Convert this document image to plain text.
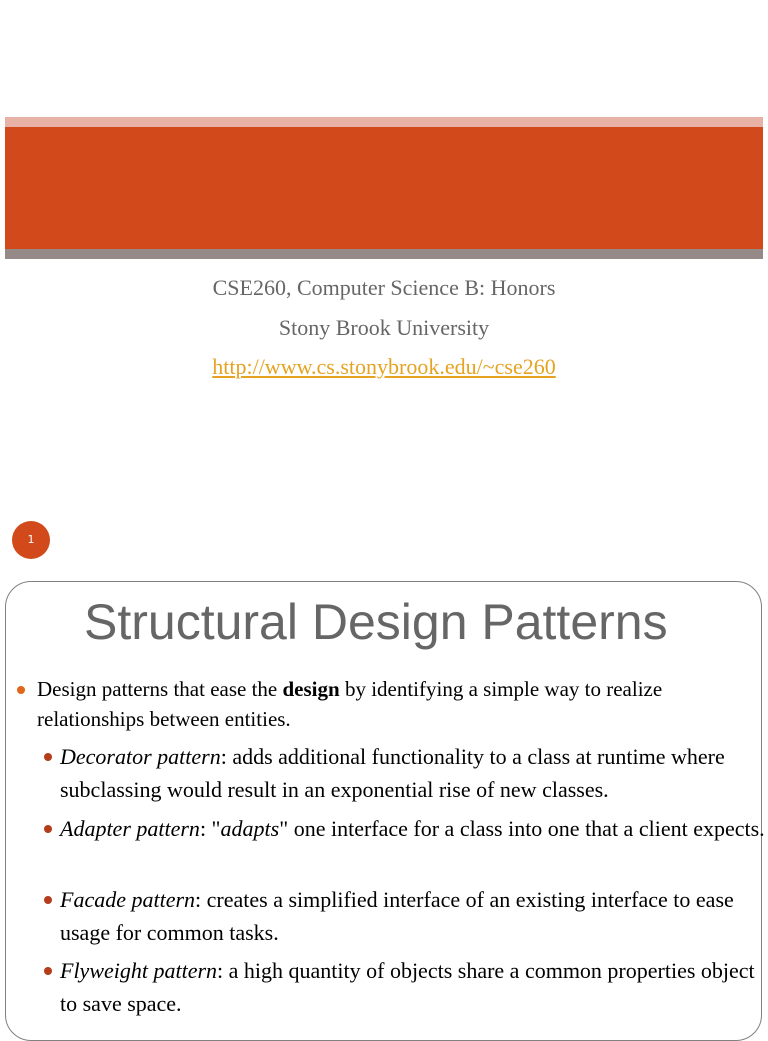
CSE260, Computer Science B: Honors
Stony Brook University
http://www.cs.stonybrook.edu/~cse260
1
Structural Design Patterns
Design patterns that ease the design by identifying a simple way to realize relationships between entities.
Decorator pattern: adds additional functionality to a class at runtime where subclassing would result in an exponential rise of new classes.
Adapter pattern: "adapts" one interface for a class into one that a client expects.
Facade pattern: creates a simplified interface of an existing interface to ease usage for common tasks.
Flyweight pattern: a high quantity of objects share a common properties object to save space.
